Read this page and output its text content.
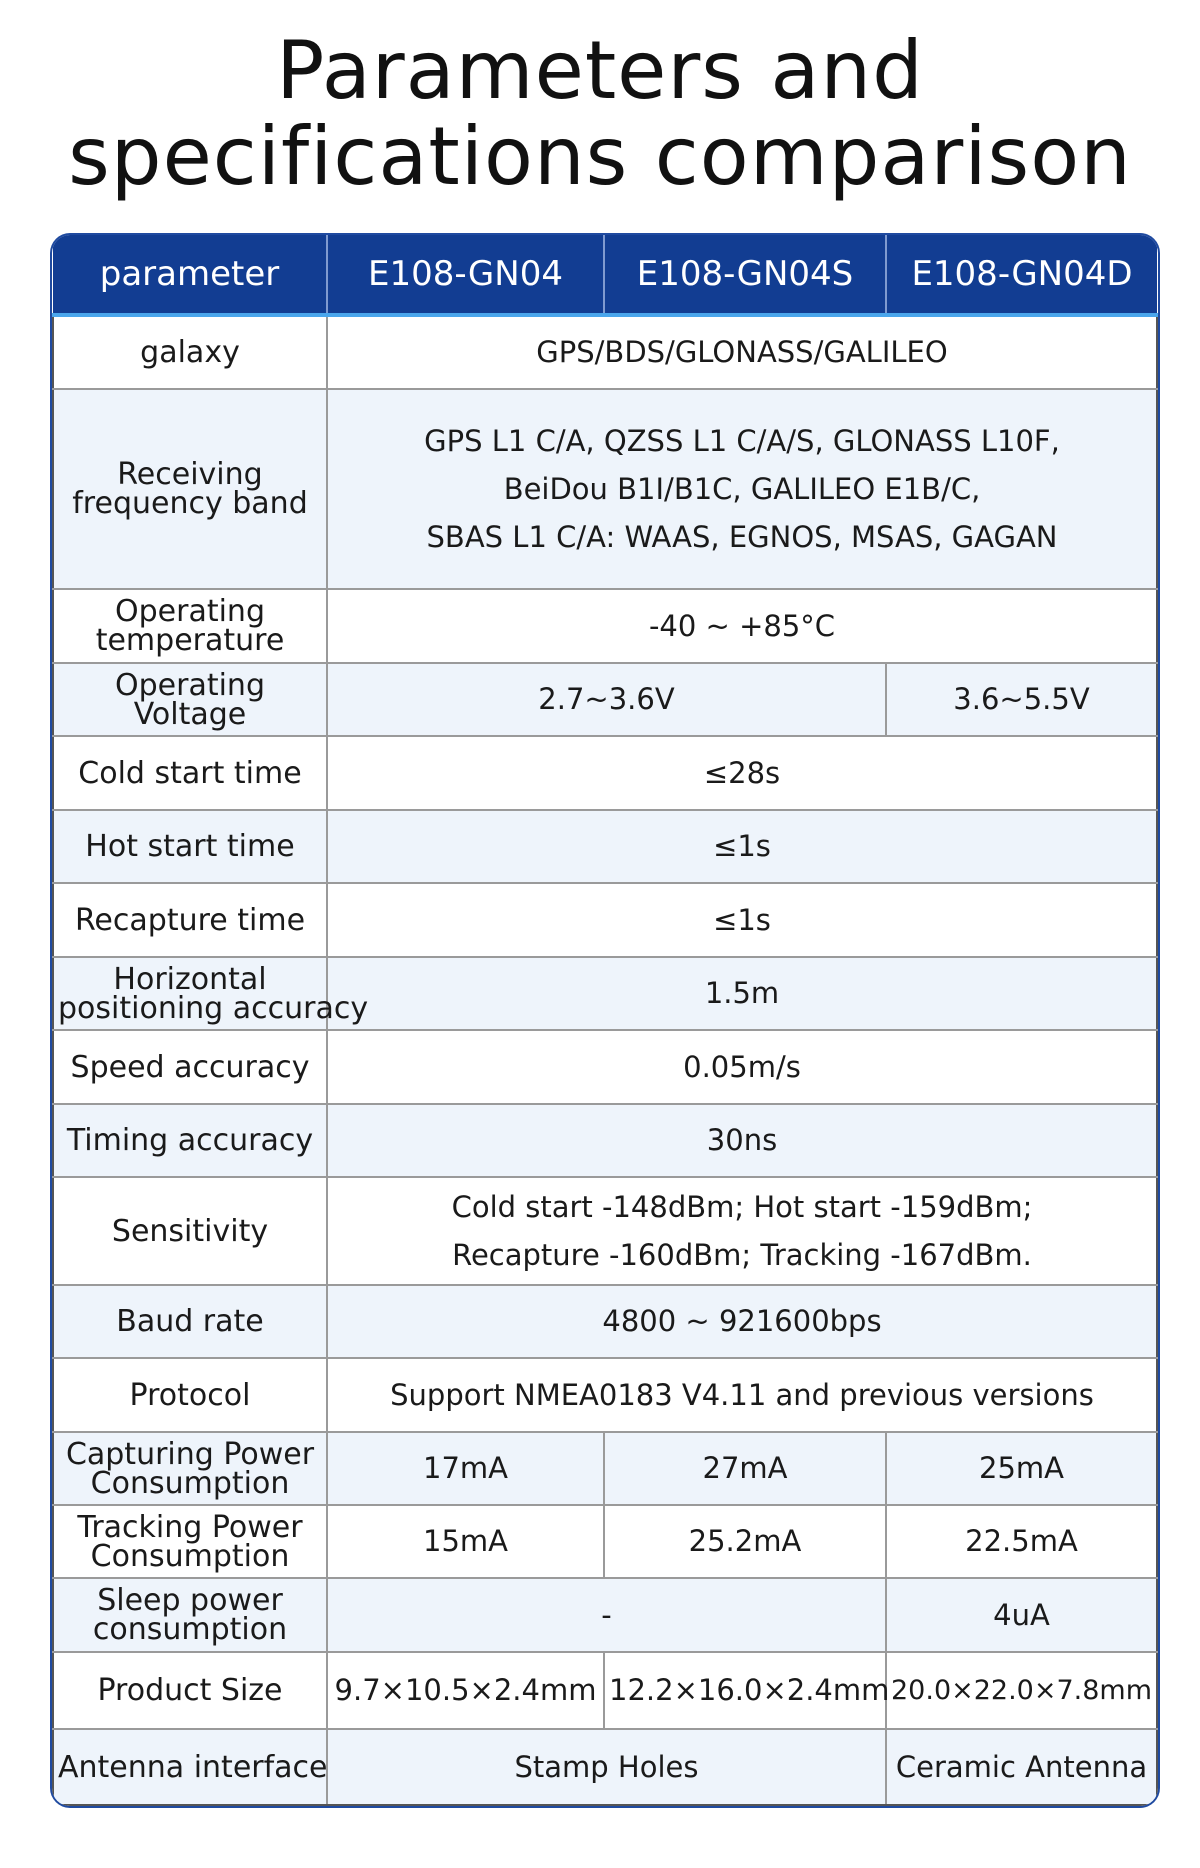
Parameters and
specifications comparison
parameter	E108-GN04	E108-GN04S	E108-GN04D
galaxy	GPS/BDS/GLONASS/GALILEO		
Receiving
frequency band	GPS L1 C/A, QZSS L1 C/A/S, GLONASS L10F,
BeiDou B1I/B1C, GALILEO E1B/C,
SBAS L1 C/A: WAAS, EGNOS, MSAS, GAGAN		
Operating
temperature	-40 ~ +85°C		
Operating
Voltage	2.7~3.6V		3.6~5.5V
Cold start time	≤28s		
Hot start time	≤1s		
Recapture time	≤1s		
Horizontal
positioning accuracy	1.5m		
Speed accuracy	0.05m/s		
Timing accuracy	30ns		
Sensitivity	Cold start -148dBm; Hot start -159dBm;
Recapture -160dBm; Tracking -167dBm.		
Baud rate	4800 ~ 921600bps		
Protocol	Support NMEA0183 V4.11 and previous versions		
Capturing Power
Consumption	17mA	27mA	25mA
Tracking Power
Consumption	15mA	25.2mA	22.5mA
Sleep power
consumption	-		4uA
Product Size	9.7×10.5×2.4mm	12.2×16.0×2.4mm	20.0×22.0×7.8mm
Antenna interface	Stamp Holes		Ceramic Antenna
